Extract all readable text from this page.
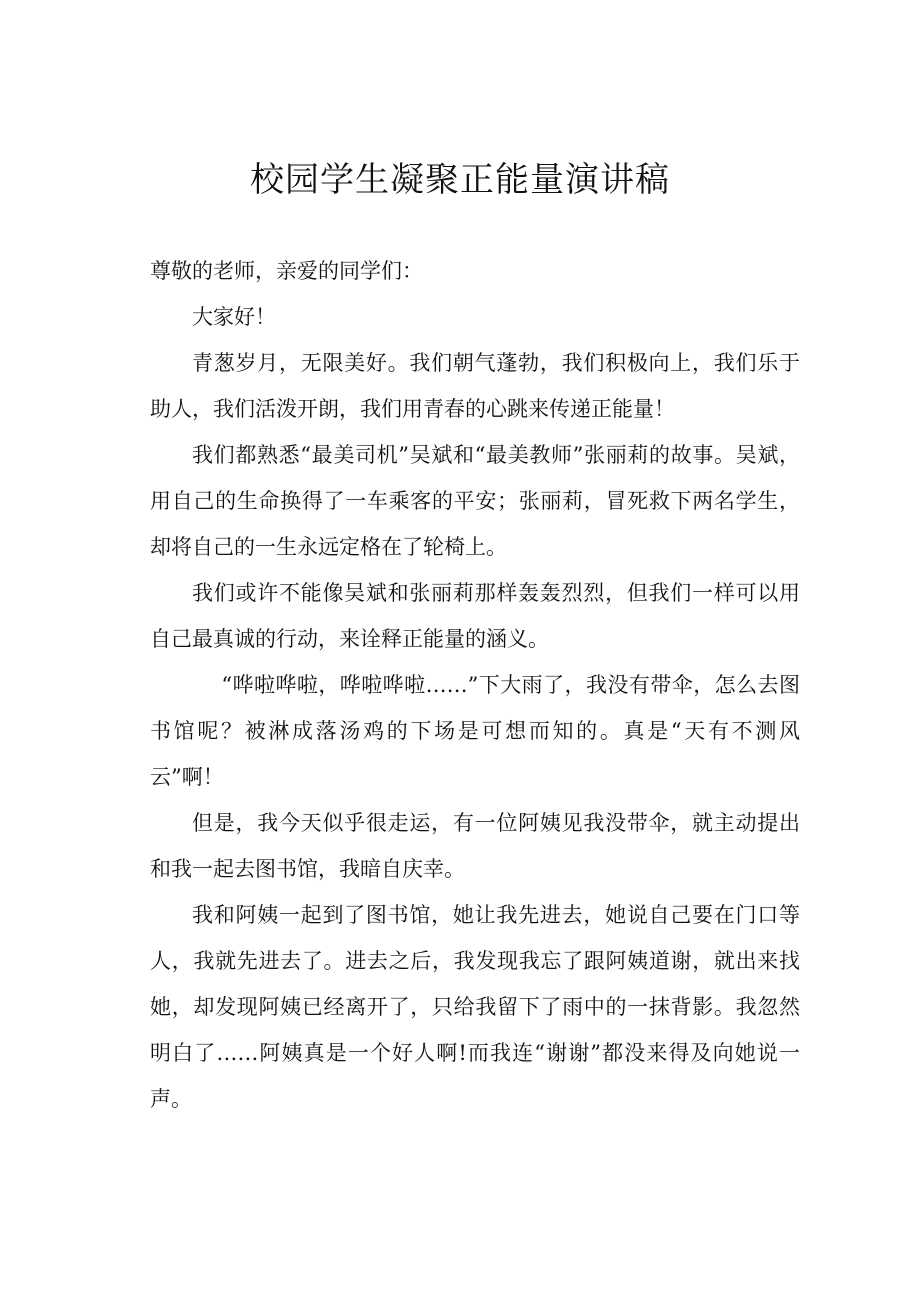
校园学生凝聚正能量演讲稿

尊敬的老师，亲爱的同学们：

大家好！

青葱岁月，无限美好。我们朝气蓬勃，我们积极向上，我们乐于助人，我们活泼开朗，我们用青春的心跳来传递正能量！

我们都熟悉“最美司机”吴斌和“最美教师”张丽莉的故事。吴斌，用自己的生命换得了一车乘客的平安；张丽莉，冒死救下两名学生，却将自己的一生永远定格在了轮椅上。

我们或许不能像吴斌和张丽莉那样轰轰烈烈，但我们一样可以用自己最真诚的行动，来诠释正能量的涵义。

“哗啦哗啦，哗啦哗啦……”下大雨了，我没有带伞，怎么去图书馆呢？被淋成落汤鸡的下场是可想而知的。真是“天有不测风云”啊！

但是，我今天似乎很走运，有一位阿姨见我没带伞，就主动提出和我一起去图书馆，我暗自庆幸。

我和阿姨一起到了图书馆，她让我先进去，她说自己要在门口等人，我就先进去了。进去之后，我发现我忘了跟阿姨道谢，就出来找她，却发现阿姨已经离开了，只给我留下了雨中的一抹背影。我忽然明白了……阿姨真是一个好人啊!而我连“谢谢”都没来得及向她说一声。
